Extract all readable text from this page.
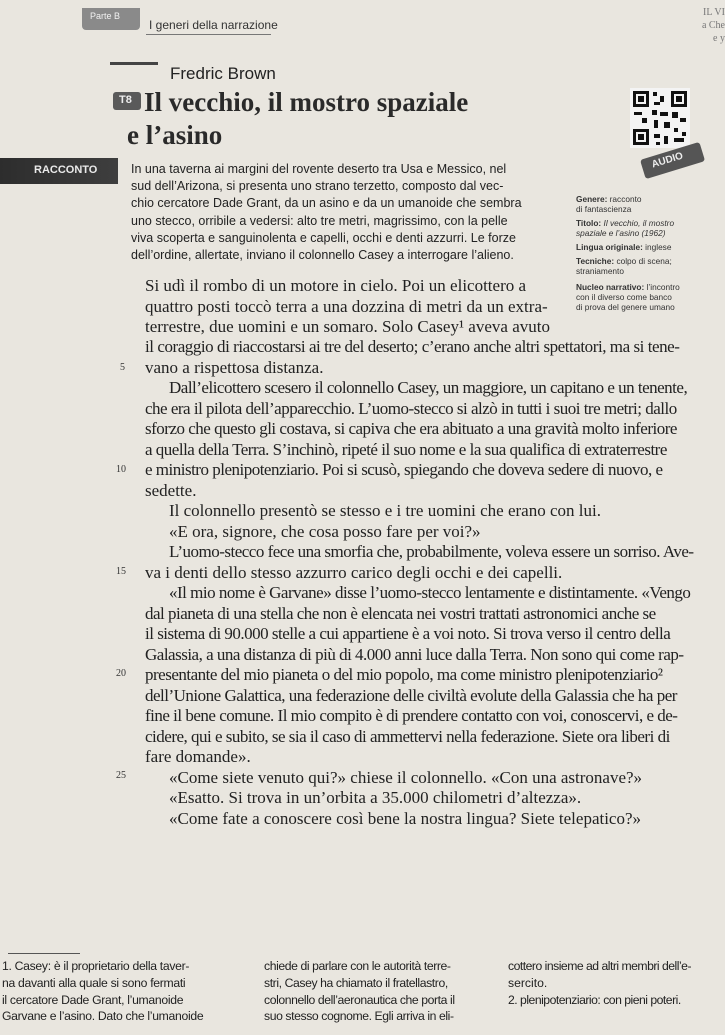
Parte B
I generi della narrazione
IL VI
a Che
e y
Fredric Brown
T8 Il vecchio, il mostro spaziale
e l’asino
AUDIO
RACCONTO	In una taverna ai margini del rovente deserto tra Usa e Messico, nel
sud dell’Arizona, si presenta uno strano terzetto, composto dal vec-
chio cercatore Dade Grant, da un asino e da un umanoide che sembra
uno stecco, orribile a vedersi: alto tre metri, magrissimo, con la pelle
viva scoperta e sanguinolenta e capelli, occhi e denti azzurri. Le forze
dell’ordine, allertate, inviano il colonnello Casey a interrogare l’alieno.
Genere: racconto
di fantascienza
Titolo: Il vecchio, il mostro
spaziale e l’asino (1962)
Lingua originale: inglese
Tecniche: colpo di scena;
straniamento
Nucleo narrativo: l’incontro
con il diverso come banco
di prova del genere umano
Si udì il rombo di un motore in cielo. Poi un elicottero a
quattro posti toccò terra a una dozzina di metri da un extra-
terrestre, due uomini e un somaro. Solo Casey¹ aveva avuto
il coraggio di riaccostarsi ai tre del deserto; c’erano anche altri spettatori, ma si tene-
vano a rispettosa distanza.
Dall’elicottero scesero il colonnello Casey, un maggiore, un capitano e un tenente,
che era il pilota dell’apparecchio. L’uomo-stecco si alzò in tutti i suoi tre metri; dallo
sforzo che questo gli costava, si capiva che era abituato a una gravità molto inferiore
a quella della Terra. S’inchinò, ripeté il suo nome e la sua qualifica di extraterrestre
e ministro plenipotenziario. Poi si scusò, spiegando che doveva sedere di nuovo, e
sedette.
Il colonnello presentò se stesso e i tre uomini che erano con lui.
«E ora, signore, che cosa posso fare per voi?»
L’uomo-stecco fece una smorfia che, probabilmente, voleva essere un sorriso. Ave-
va i denti dello stesso azzurro carico degli occhi e dei capelli.
«Il mio nome è Garvane» disse l’uomo-stecco lentamente e distintamente. «Vengo
dal pianeta di una stella che non è elencata nei vostri trattati astronomici anche se
il sistema di 90.000 stelle a cui appartiene è a voi noto. Si trova verso il centro della
Galassia, a una distanza di più di 4.000 anni luce dalla Terra. Non sono qui come rap-
presentante del mio pianeta o del mio popolo, ma come ministro plenipotenziario²
dell’Unione Galattica, una federazione delle civiltà evolute della Galassia che ha per
fine il bene comune. Il mio compito è di prendere contatto con voi, conoscervi, e de-
cidere, qui e subito, se sia il caso di ammettervi nella federazione. Siete ora liberi di
fare domande».
«Come siete venuto qui?» chiese il colonnello. «Con una astronave?»
«Esatto. Si trova in un’orbita a 35.000 chilometri d’altezza».
«Come fate a conoscere così bene la nostra lingua? Siete telepatico?»
5
10
15
20
25
1. Casey: è il proprietario della taver-
na davanti alla quale si sono fermati
il cercatore Dade Grant, l’umanoide
Garvane e l’asino. Dato che l’umanoide
chiede di parlare con le autorità terre-
stri, Casey ha chiamato il fratellastro,
colonnello dell’aeronautica che porta il
suo stesso cognome. Egli arriva in eli-
cottero insieme ad altri membri dell’e-
sercito.
2. plenipotenziario: con pieni poteri.
